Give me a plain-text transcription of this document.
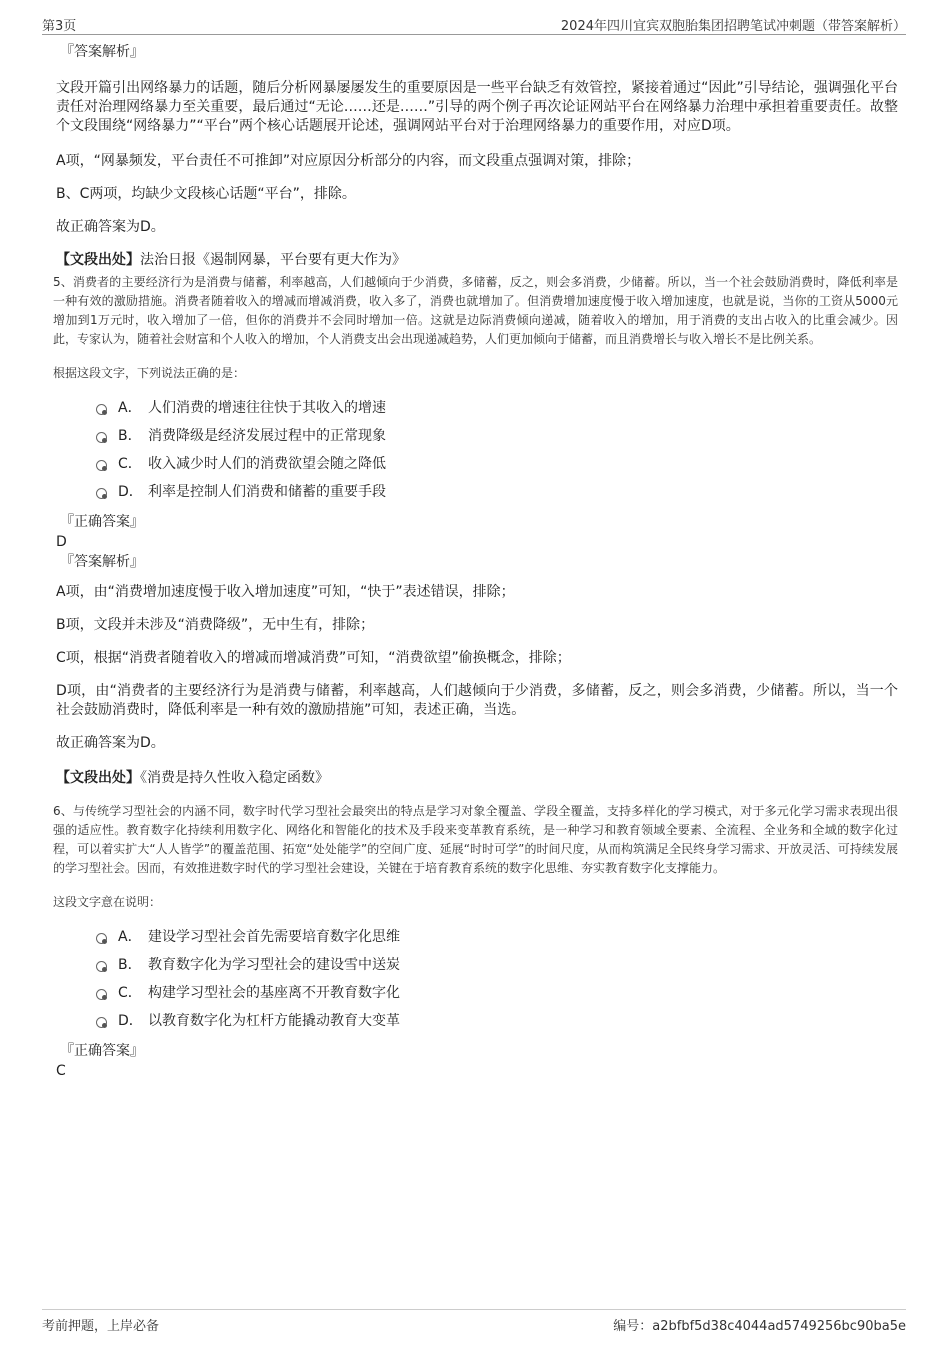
第3页	2024年四川宜宾双胞胎集团招聘笔试冲刺题（带答案解析）
『答案解析』
文段开篇引出网络暴力的话题，随后分析网暴屡屡发生的重要原因是一些平台缺乏有效管控，紧接着通过“因此”引导结论，强调强化平台责任对治理网络暴力至关重要，最后通过“无论……还是……”引导的两个例子再次论证网站平台在网络暴力治理中承担着重要责任。故整个文段围绕“网络暴力”“平台”两个核心话题展开论述，强调网站平台对于治理网络暴力的重要作用，对应D项。
A项，“网暴频发，平台责任不可推卸”对应原因分析部分的内容，而文段重点强调对策，排除；
B、C两项，均缺少文段核心话题“平台”，排除。
故正确答案为D。
【文段出处】法治日报《遏制网暴，平台要有更大作为》
5、消费者的主要经济行为是消费与储蓄，利率越高，人们越倾向于少消费，多储蓄，反之，则会多消费，少储蓄。所以，当一个社会鼓励消费时，降低利率是一种有效的激励措施。消费者随着收入的增减而增减消费，收入多了，消费也就增加了。但消费增加速度慢于收入增加速度，也就是说，当你的工资从5000元增加到1万元时，收入增加了一倍，但你的消费并不会同时增加一倍。这就是边际消费倾向递减，随着收入的增加，用于消费的支出占收入的比重会减少。因此，专家认为，随着社会财富和个人收入的增加，个人消费支出会出现递减趋势，人们更加倾向于储蓄，而且消费增长与收入增长不是比例关系。
根据这段文字，下列说法正确的是：
A． 人们消费的增速往往快于其收入的增速
B． 消费降级是经济发展过程中的正常现象
C． 收入减少时人们的消费欲望会随之降低
D． 利率是控制人们消费和储蓄的重要手段
『正确答案』
D
『答案解析』
A项，由“消费增加速度慢于收入增加速度”可知，“快于”表述错误，排除；
B项，文段并未涉及“消费降级”，无中生有，排除；
C项，根据“消费者随着收入的增减而增减消费”可知，“消费欲望”偷换概念，排除；
D项，由“消费者的主要经济行为是消费与储蓄，利率越高，人们越倾向于少消费，多储蓄，反之，则会多消费，少储蓄。所以，当一个社会鼓励消费时，降低利率是一种有效的激励措施”可知，表述正确，当选。
故正确答案为D。
【文段出处】《消费是持久性收入稳定函数》
6、与传统学习型社会的内涵不同，数字时代学习型社会最突出的特点是学习对象全覆盖、学段全覆盖，支持多样化的学习模式，对于多元化学习需求表现出很强的适应性。教育数字化持续利用数字化、网络化和智能化的技术及手段来变革教育系统，是一种学习和教育领域全要素、全流程、全业务和全域的数字化过程，可以着实扩大“人人皆学”的覆盖范围、拓宽“处处能学”的空间广度、延展“时时可学”的时间尺度，从而构筑满足全民终身学习需求、开放灵活、可持续发展的学习型社会。因而，有效推进数字时代的学习型社会建设，关键在于培育教育系统的数字化思维、夯实教育数字化支撑能力。
这段文字意在说明：
A． 建设学习型社会首先需要培育数字化思维
B． 教育数字化为学习型社会的建设雪中送炭
C． 构建学习型社会的基座离不开教育数字化
D． 以教育数字化为杠杆方能撬动教育大变革
『正确答案』
C
考前押题，上岸必备	编号：a2bfbf5d38c4044ad5749256bc90ba5e
